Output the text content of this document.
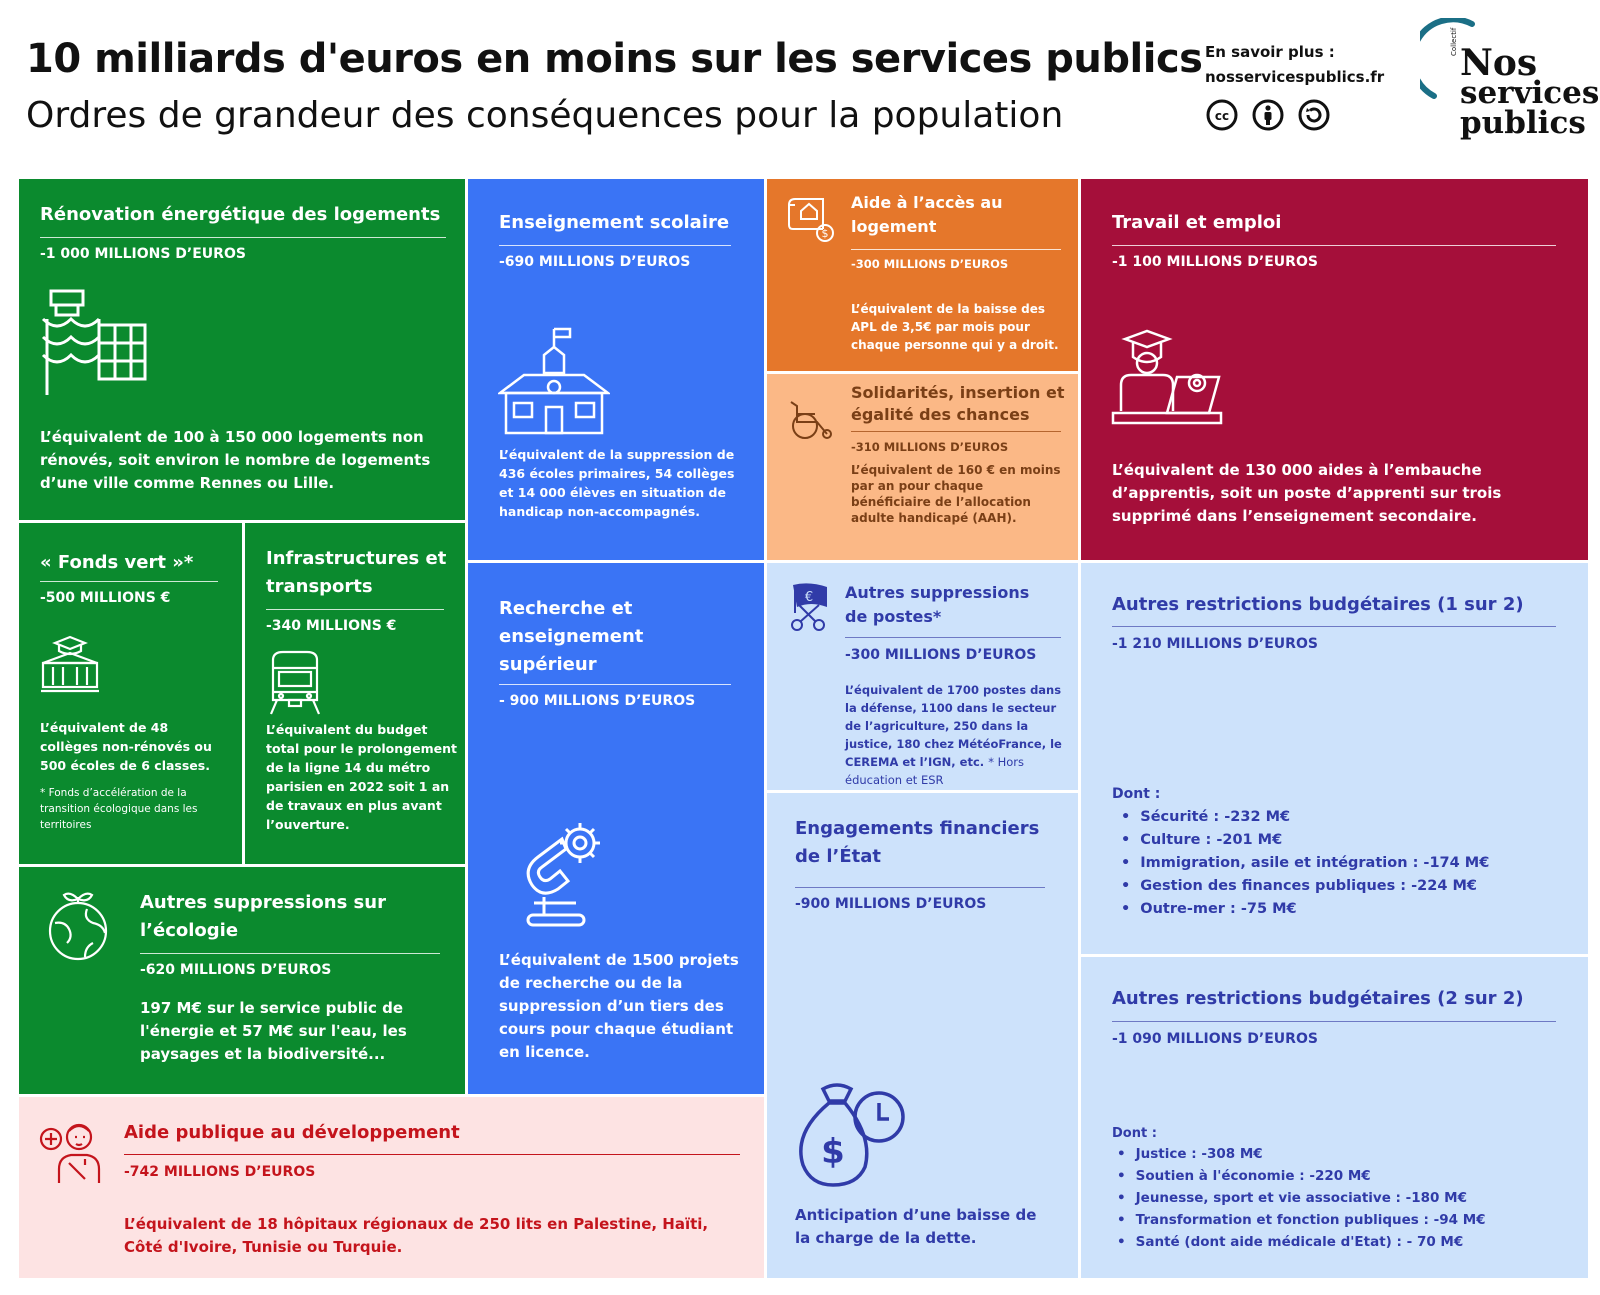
10 milliards d'euros en moins sur les services publics
Ordres de grandeur des conséquences pour la population
En savoir plus :
nosservicespublics.fr
cc
Collectif
Nos
services
publics
Rénovation énergétique des logements
-1 000 MILLIONS D’EUROS
L’équivalent de 100 à 150 000 logements non rénovés, soit environ le nombre de logements d’une ville comme Rennes ou Lille.
Enseignement scolaire
-690 MILLIONS D’EUROS
L’équivalent de la suppression de 436 écoles primaires, 54 collèges et 14 000 élèves en situation de handicap non-accompagnés.
$
Aide à l’accès au logement
-300 MILLIONS D’EUROS
L’équivalent de la baisse des APL de 3,5€ par mois pour chaque personne qui y a droit.
Solidarités, insertion et égalité des chances
-310 MILLIONS D’EUROS
L’équivalent de 160 € en moins par an pour chaque bénéficiaire de l’allocation adulte handicapé (AAH).
Travail et emploi
-1 100 MILLIONS D’EUROS
L’équivalent de 130 000 aides à l’embauche d’apprentis, soit un poste d’apprenti sur trois supprimé dans l’enseignement secondaire.
« Fonds vert »*
-500 MILLIONS €
L’équivalent de 48 collèges non-rénovés ou 500 écoles de 6 classes.
* Fonds d’accélération de la transition écologique dans les territoires
Infrastructures et transports
-340 MILLIONS €
L’équivalent du budget total pour le prolongement de la ligne 14 du métro parisien en 2022 soit 1 an de travaux en plus avant l’ouverture.
Recherche et enseignement supérieur
- 900 MILLIONS D’EUROS
L’équivalent de 1500 projets de recherche ou de la suppression d’un tiers des cours pour chaque étudiant en licence.
€ Autres suppressions de postes*
-300 MILLIONS D’EUROS
L’équivalent de 1700 postes dans la défense, 1100 dans le secteur de l’agriculture, 250 dans la justice, 180 chez MétéoFrance, le CEREMA et l’IGN, etc. * Hors éducation et ESR
Autres restrictions budgétaires (1 sur 2)
-1 210 MILLIONS D’EUROS
Dont :
• Sécurité : -232 M€
• Culture : -201 M€
• Immigration, asile et intégration : -174 M€
• Gestion des finances publiques : -224 M€
• Outre-mer : -75 M€
Autres suppressions sur l’écologie
-620 MILLIONS D’EUROS
197 M€ sur le service public de l'énergie et 57 M€ sur l'eau, les paysages et la biodiversité...
Engagements financiers de l’État
-900 MILLIONS D’EUROS
$
Anticipation d’une baisse de la charge de la dette.
Autres restrictions budgétaires (2 sur 2)
-1 090 MILLIONS D’EUROS
Dont :
• Justice : -308 M€
• Soutien à l'économie : -220 M€
• Jeunesse, sport et vie associative : -180 M€
• Transformation et fonction publiques : -94 M€
• Santé (dont aide médicale d'Etat) : - 70 M€
Aide publique au développement
-742 MILLIONS D’EUROS
L’équivalent de 18 hôpitaux régionaux de 250 lits en Palestine, Haïti, Côté d'Ivoire, Tunisie ou Turquie.
